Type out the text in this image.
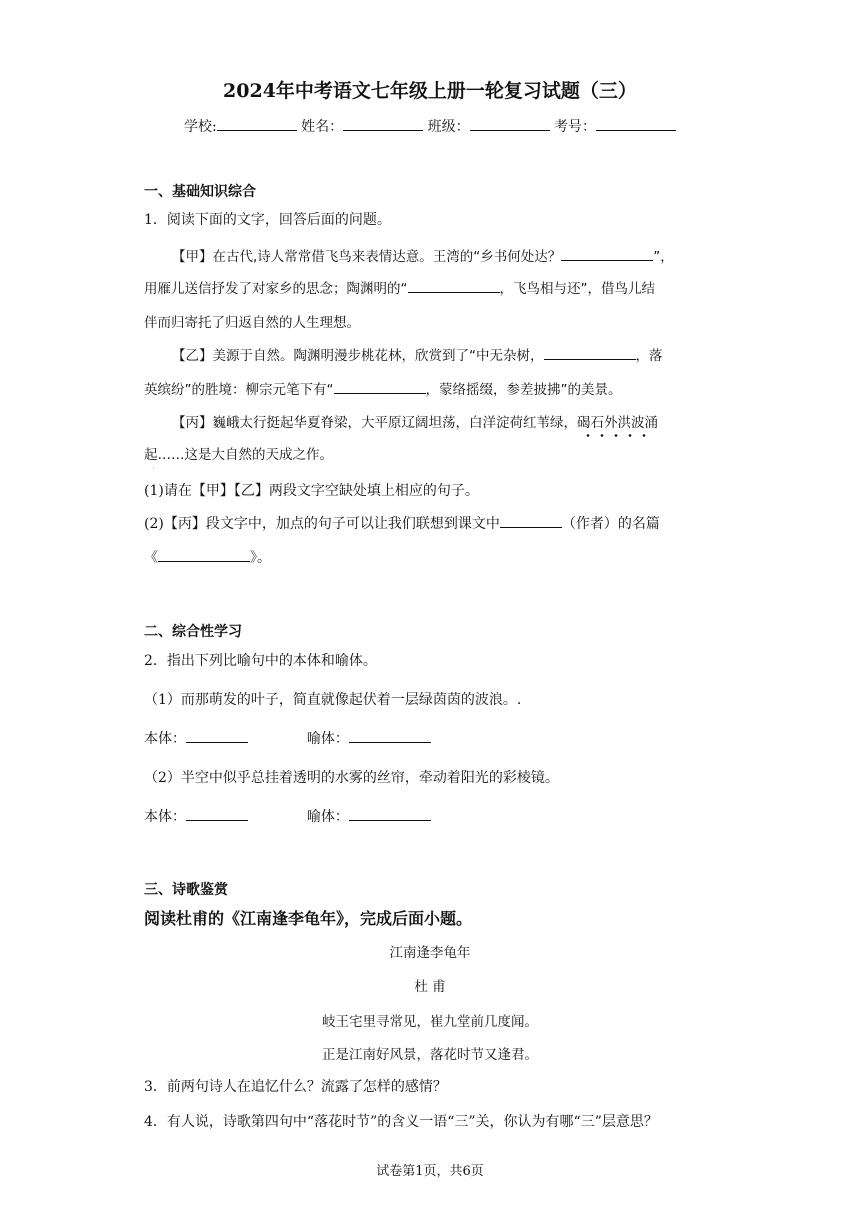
2024年中考语文七年级上册一轮复习试题（三）
学校:	姓名：	班级：	考号：
一、基础知识综合
1．阅读下面的文字，回答后面的问题。
【甲】在古代,诗人常常借飞鸟来表情达意。王湾的“乡书何处达？	”，
用雁儿送信抒发了对家乡的思念；陶渊明的“	，飞鸟相与还”，借鸟儿结
伴而归寄托了归返自然的人生理想。
【乙】美源于自然。陶渊明漫步桃花林，欣赏到了“中无杂树，	，落
英缤纷”的胜境：柳宗元笔下有“	，蒙络摇缀，参差披拂”的美景。
【丙】巍峨太行挺起华夏脊梁，大平原辽阔坦荡，白洋淀荷红苇绿，碣石外洪波涌
起……这是大自然的天成之作。
(1)请在【甲】【乙】两段文字空缺处填上相应的句子。
(2)【丙】段文字中，加点的句子可以让我们联想到课文中	（作者）的名篇
《	》。
二、综合性学习
2．指出下列比喻句中的本体和喻体。
（1）而那萌发的叶子，简直就像起伏着一层绿茵茵的波浪。.
本体：	喻体：
（2）半空中似乎总挂着透明的水雾的丝帘，牵动着阳光的彩棱镜。
本体：	喻体：
三、诗歌鉴赏
阅读杜甫的《江南逢李龟年》，完成后面小题。
江南逢李龟年
杜 甫
岐王宅里寻常见，崔九堂前几度闻。
正是江南好风景，落花时节又逢君。
3．前两句诗人在追忆什么？流露了怎样的感情？
4．有人说，诗歌第四句中“落花时节”的含义一语“三”关，你认为有哪“三”层意思？
试卷第1页，共6页
